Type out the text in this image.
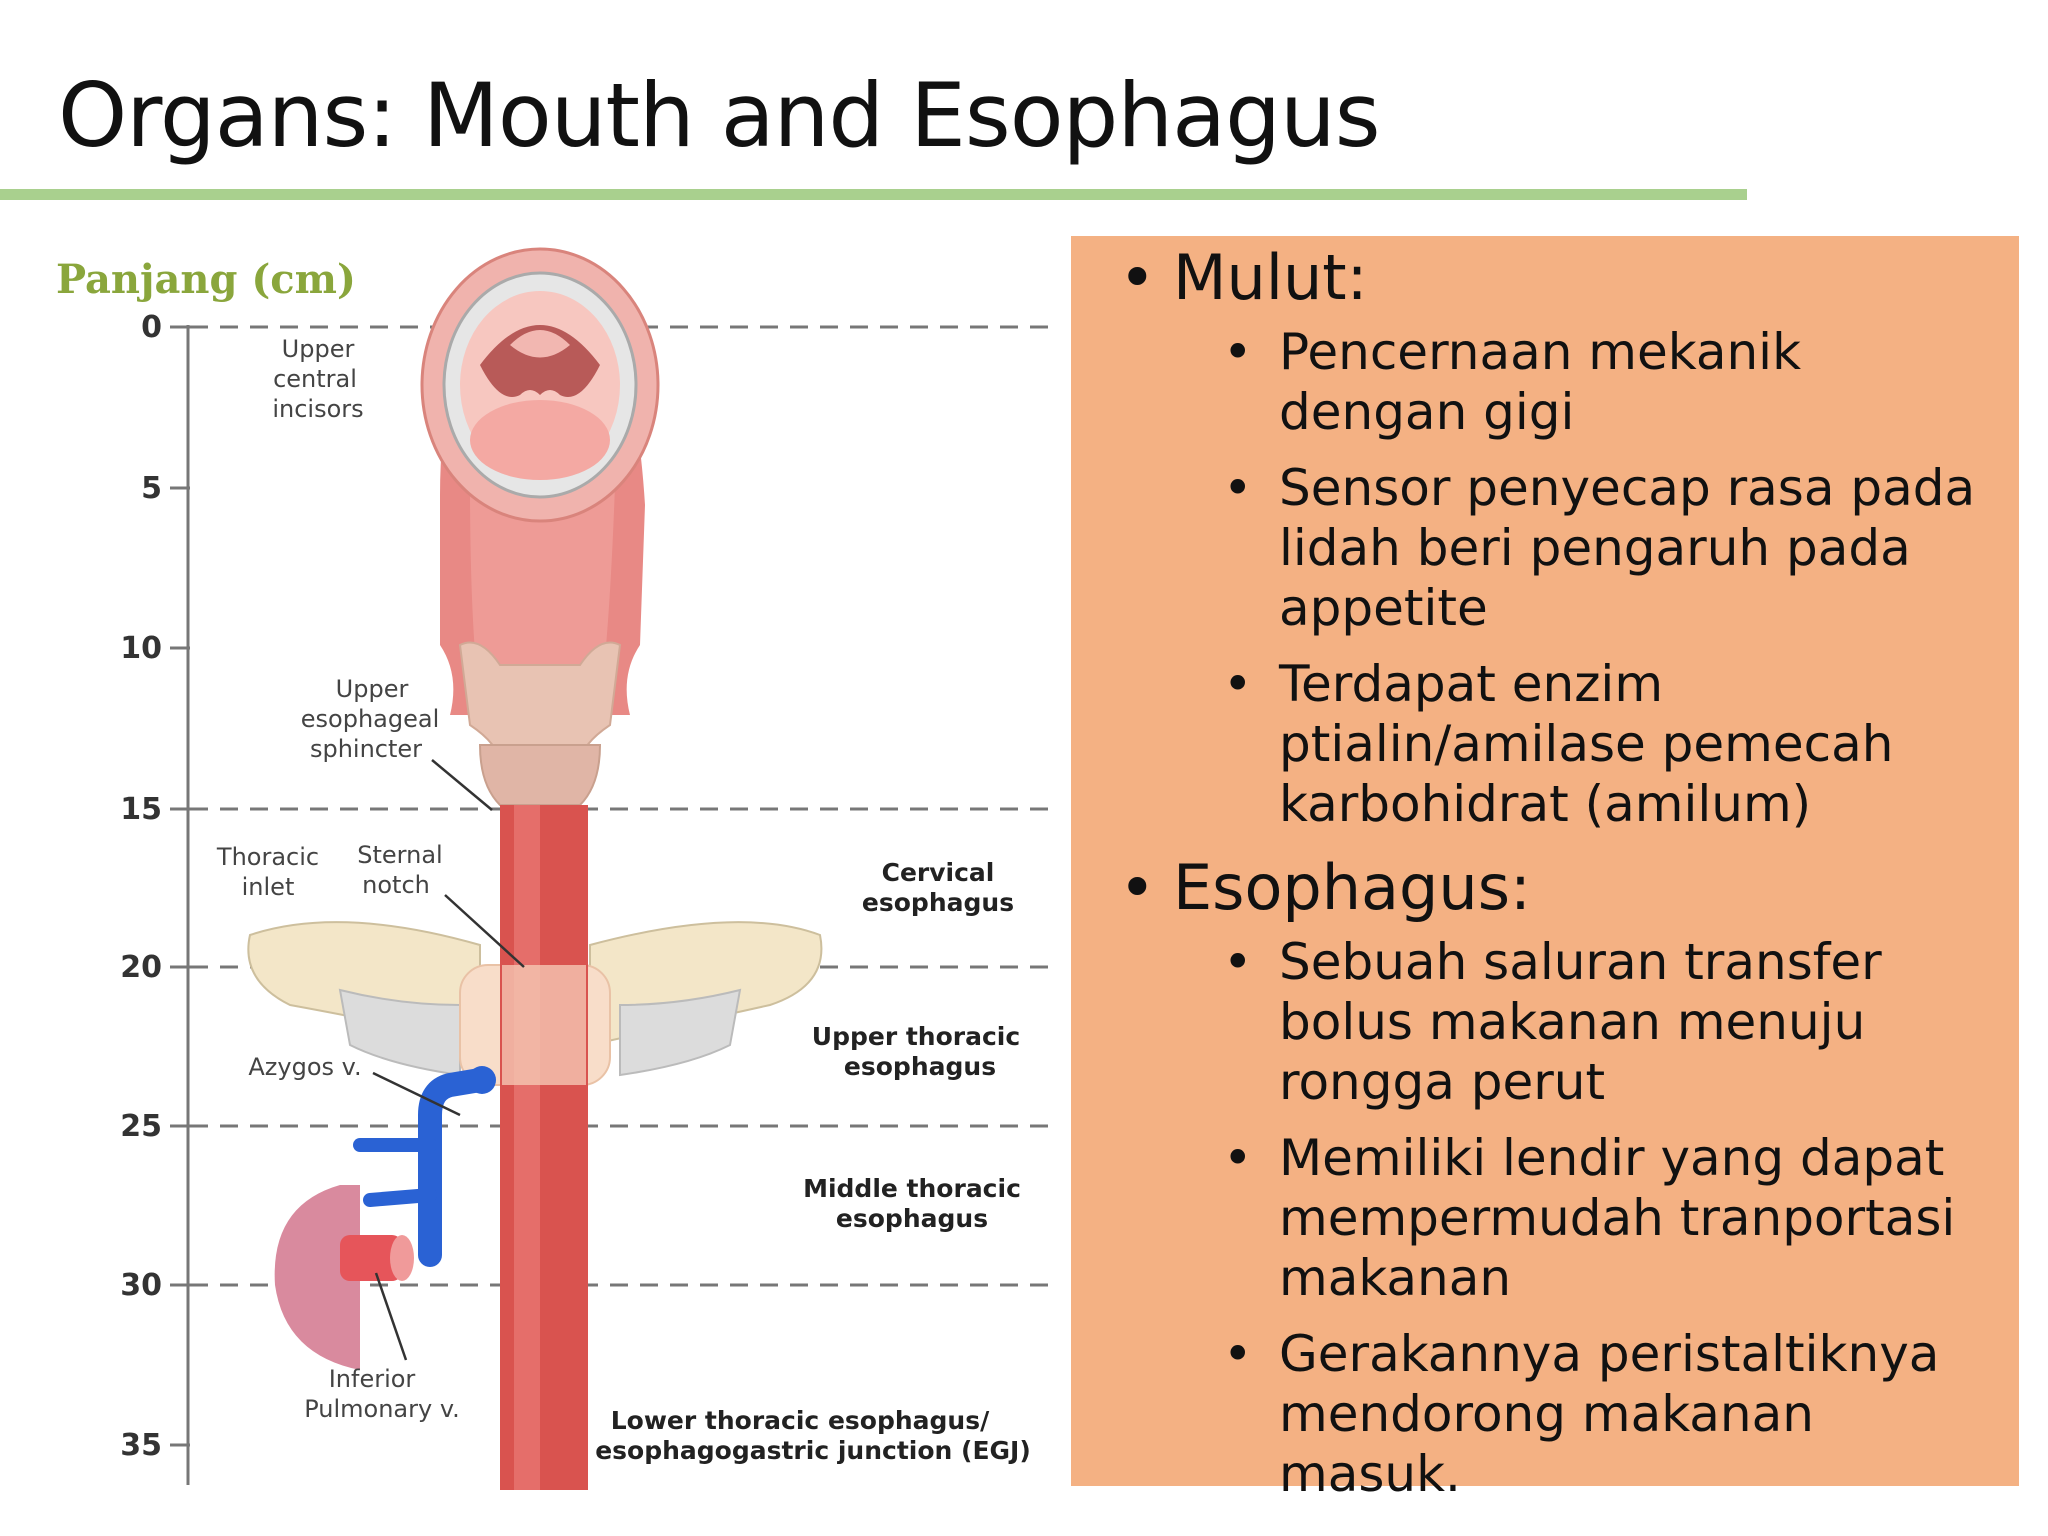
Organs: Mouth and Esophagus
Panjang (cm)
0
5
10
15
20
25
30
35
Upper
central
incisors
Upper
esophageal
sphincter
Thoracic
inlet
Sternal
notch
Azygos v.
Inferior
Pulmonary v.
Cervical
esophagus
Upper thoracic
esophagus
Middle thoracic
esophagus
Lower thoracic esophagus/
esophagogastric junction (EGJ)
• Mulut:
• Pencernaan mekanik dengan gigi
• Sensor penyecap rasa pada lidah beri pengaruh pada appetite
• Terdapat enzim ptialin/amilase pemecah karbohidrat (amilum)
• Esophagus:
• Sebuah saluran transfer bolus makanan menuju rongga perut
• Memiliki lendir yang dapat mempermudah tranportasi makanan
• Gerakannya peristaltiknya mendorong makanan masuk.
